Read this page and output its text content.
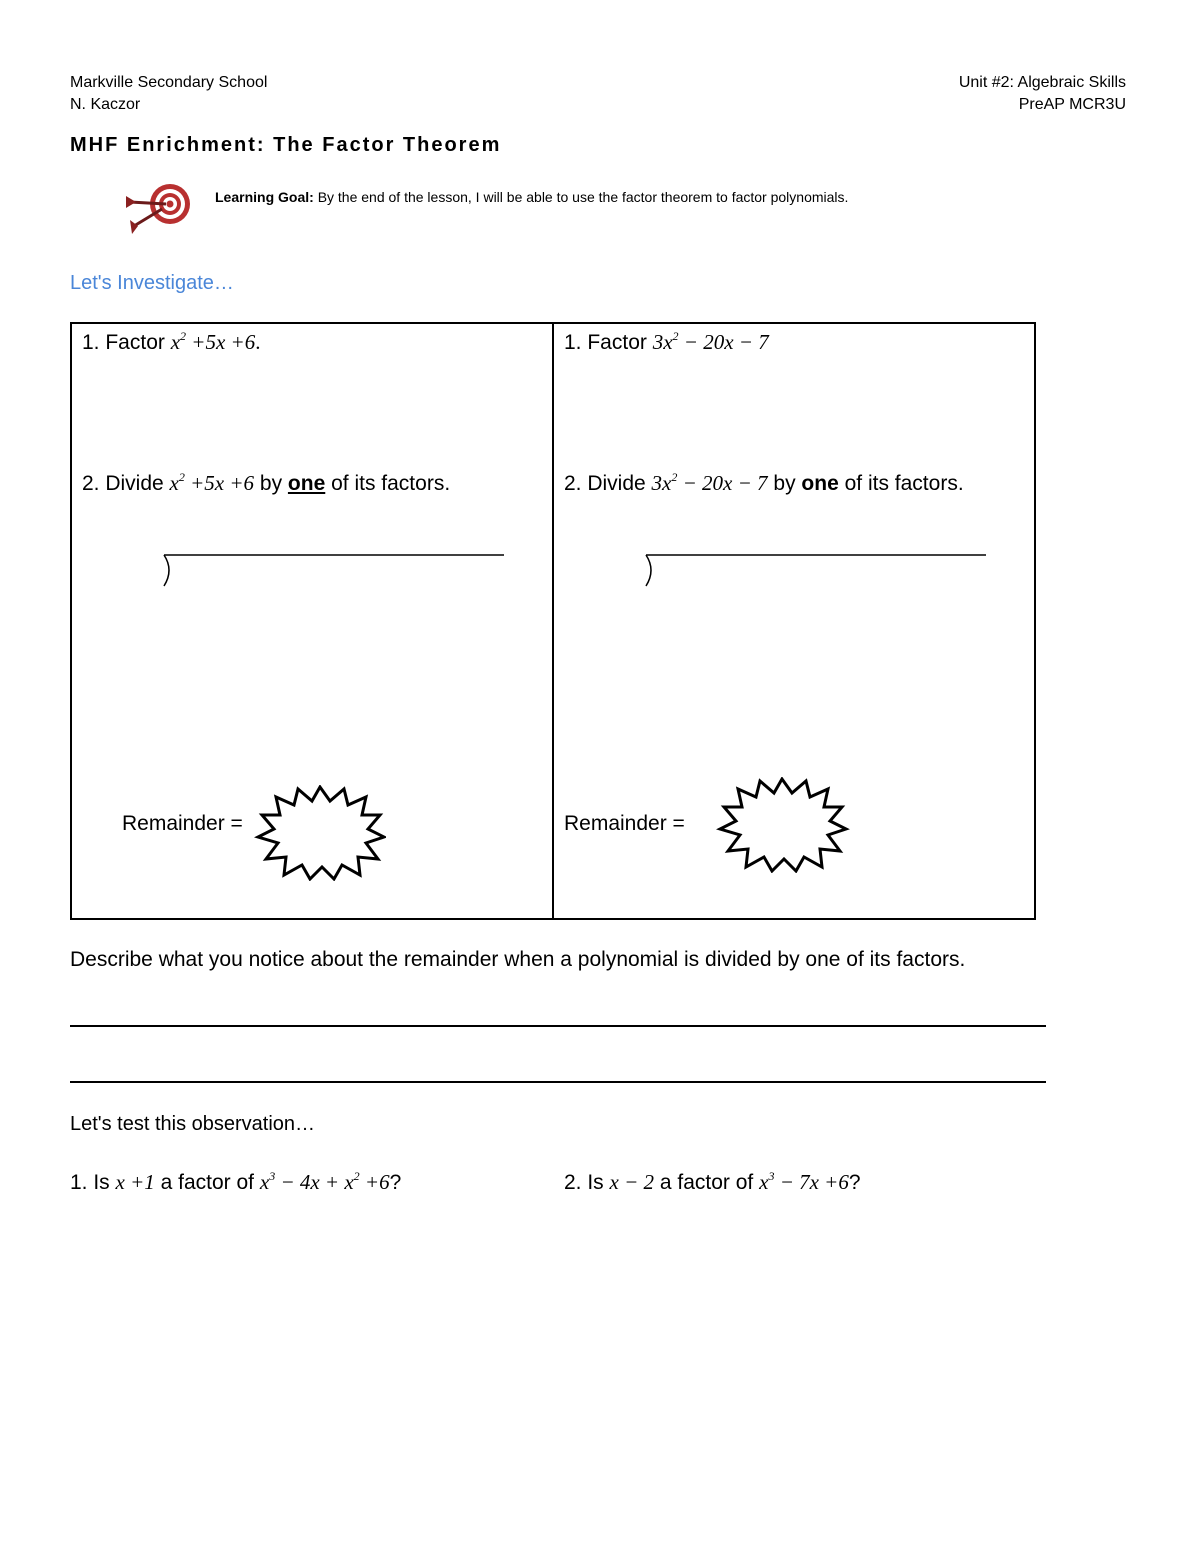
Markville Secondary School
N. Kaczor
Unit #2: Algebraic Skills
PreAP MCR3U
MHF Enrichment: The Factor Theorem
Learning Goal: By the end of the lesson, I will be able to use the factor theorem to factor polynomials.
Let's Investigate…
1. Factor $x^2 +5x +6$.
2. Divide $x^2 +5x +6$ by one of its factors.
Remainder =
1. Factor $3x^2 - 20x - 7$
2. Divide $3x^2 - 20x - 7$ by one of its factors.
Remainder =
Describe what you notice about the remainder when a polynomial is divided by one of its factors.
Let's test this observation…
1. Is x +1 a factor of $x^3 - 4x + x^2 +6$?	2. Is x − 2 a factor of $x^3 - 7x +6$?
